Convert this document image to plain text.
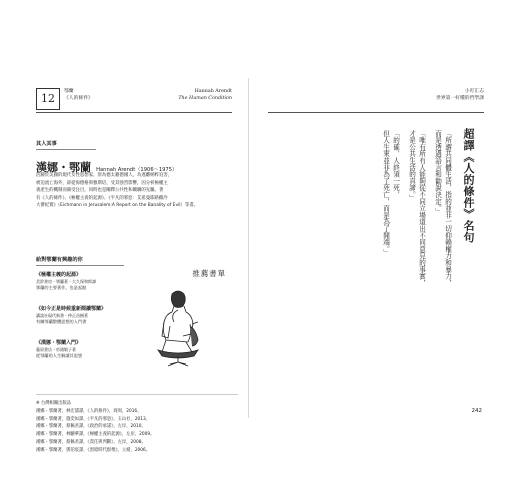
12
鄂蘭
《人的條件》
Hannah Arendt
The Human Condition
其人其事
漢娜・鄂蘭 Hannah Arendt（1906～1975）
活躍於美國的現代女性思想家，原為德太籍德國人，為逃離納粹迫害，
被迫流亡海外，卻從海德格與雅斯培，受其強烈影響，因分析極權主
義產生的機制而備受注目，同時也是闡釋公共性和關聯的先驅。著
有《人的條件》、《極權主義的起源》、《平凡的邪惡：艾希曼耶路撒冷
大審紀實》（Eichmann in Jerusalem:A Report on the Banality of Evil）等書。
給對鄂蘭有興趣的你
推薦書單
《極權主義的起源》
美鈴書房・鄂蘭著・大久保和郎譯
鄂蘭的主要著作，也是起點
《如今正是時候重新閱讀鄂蘭》
講談社現代新書・仲正昌樹著
有關鄂蘭整體思想的入門書
《漢娜・鄂蘭入門》
藤原書店・杉浦敏子著
從鄂蘭的人生解讀其思想
※ 台灣相關出版品
漢娜・鄂蘭著，林宏濤譯，《人的條件》，商周，2016。
漢娜・鄂蘭著，施奕如譯，《平凡的邪惡》，玉山社，2013。
漢娜・鄂蘭著，蔡佩君譯，《政治的承諾》，左岸，2010。
漢娜・鄂蘭著，林驤華譯，《極權主義的起源》，左岸，2009。
漢娜・鄂蘭著，蔡佩君譯，《責任與判斷》，左岸，2008。
漢娜・鄂蘭著，鄧伯宸譯，《黑暗時代群像》，立緒，2006。
小叮汇志
世界第一好懂的哲學課
超譯《人的條件》名句
「所謂共同體生活，指的並非一切仰賴權力和暴力，
而是透過語言和勸說決定。」
「唯有所有人能夠從不同立場道出不同意見的事實，
才是公共生活的真諦。」
「的確，人終須一死，
但人生來並非為了死亡，而是為了開端。」
242
